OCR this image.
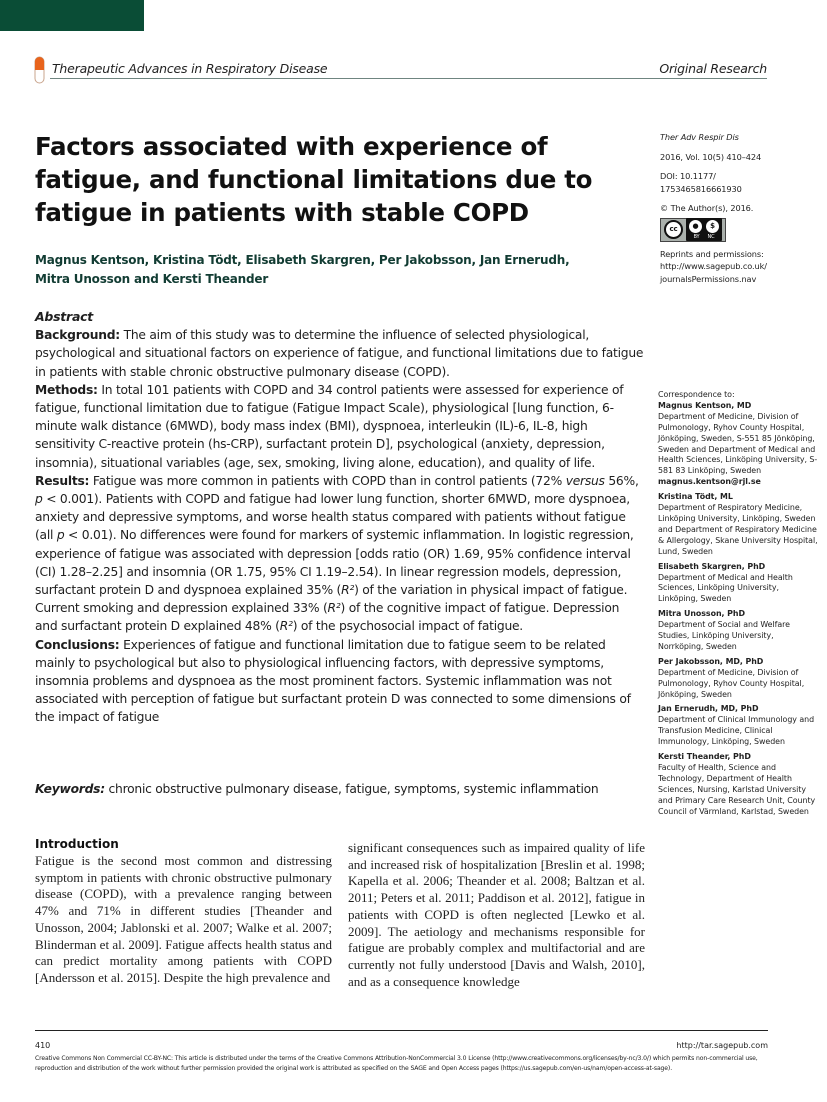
Therapeutic Advances in Respiratory Disease	Original Research
Factors associated with experience of fatigue, and functional limitations due to fatigue in patients with stable COPD
Magnus Kentson, Kristina Tödt, Elisabeth Skargren, Per Jakobsson, Jan Ernerudh, Mitra Unosson and Kersti Theander

Abstract

Background: The aim of this study was to determine the influence of selected physiological, psychological and situational factors on experience of fatigue, and functional limitations due to fatigue in patients with stable chronic obstructive pulmonary disease (COPD).

Methods: In total 101 patients with COPD and 34 control patients were assessed for experience of fatigue, functional limitation due to fatigue (Fatigue Impact Scale), physiological [lung function, 6-minute walk distance (6MWD), body mass index (BMI), dyspnoea, interleukin (IL)-6, IL-8, high sensitivity C-reactive protein (hs-CRP), surfactant protein D], psychological (anxiety, depression, insomnia), situational variables (age, sex, smoking, living alone, education), and quality of life.

Results: Fatigue was more common in patients with COPD than in control patients (72% versus 56%, p < 0.001). Patients with COPD and fatigue had lower lung function, shorter 6MWD, more dyspnoea, anxiety and depressive symptoms, and worse health status compared with patients without fatigue (all p < 0.01). No differences were found for markers of systemic inflammation. In logistic regression, experience of fatigue was associated with depression [odds ratio (OR) 1.69, 95% confidence interval (CI) 1.28–2.25] and insomnia (OR 1.75, 95% CI 1.19–2.54). In linear regression models, depression, surfactant protein D and dyspnoea explained 35% (R²) of the variation in physical impact of fatigue. Current smoking and depression explained 33% (R²) of the cognitive impact of fatigue. Depression and surfactant protein D explained 48% (R²) of the psychosocial impact of fatigue.

Conclusions: Experiences of fatigue and functional limitation due to fatigue seem to be related mainly to psychological but also to physiological influencing factors, with depressive symptoms, insomnia problems and dyspnoea as the most prominent factors. Systemic inflammation was not associated with perception of fatigue but surfactant protein D was connected to some dimensions of the impact of fatigue

Keywords: chronic obstructive pulmonary disease, fatigue, symptoms, systemic inflammation
Ther Adv Respir Dis
2016, Vol. 10(5) 410–424
DOI: 10.1177/
1753465816661930
© The Author(s), 2016.
cc	●	$
BY NC
Reprints and permissions:
http://www.sagepub.co.uk/
journalsPermissions.nav
Correspondence to:
Magnus Kentson, MD
Department of Medicine, Division of Pulmonology, Ryhov County Hospital, Jönköping, Sweden, S-551 85 Jönköping, Sweden and Department of Medical and Health Sciences, Linköping University, S-581 83 Linköping, Sweden
magnus.kentson@rjl.se
Kristina Tödt, ML
Department of Respiratory Medicine, Linköping University, Linköping, Sweden and Department of Respiratory Medicine & Allergology, Skane University Hospital, Lund, Sweden
Elisabeth Skargren, PhD
Department of Medical and Health Sciences, Linköping University, Linköping, Sweden
Mitra Unosson, PhD
Department of Social and Welfare Studies, Linköping University, Norrköping, Sweden
Per Jakobsson, MD, PhD
Department of Medicine, Division of Pulmonology, Ryhov County Hospital, Jönköping, Sweden
Jan Ernerudh, MD, PhD
Department of Clinical Immunology and Transfusion Medicine, Clinical Immunology, Linköping, Sweden
Kersti Theander, PhD
Faculty of Health, Science and Technology, Department of Health Sciences, Nursing, Karlstad University and Primary Care Research Unit, County Council of Värmland, Karlstad, Sweden
Introduction
Fatigue is the second most common and distressing symptom in patients with chronic obstructive pulmonary disease (COPD), with a prevalence ranging between 47% and 71% in different studies [Theander and Unosson, 2004; Jablonski et al. 2007; Walke et al. 2007; Blinderman et al. 2009]. Fatigue affects health status and can predict mortality among patients with COPD [Andersson et al. 2015]. Despite the high prevalence and
significant consequences such as impaired quality of life and increased risk of hospitalization [Breslin et al. 1998; Kapella et al. 2006; Theander et al. 2008; Baltzan et al. 2011; Peters et al. 2011; Paddison et al. 2012], fatigue in patients with COPD is often neglected [Lewko et al. 2009]. The aetiology and mechanisms responsible for fatigue are probably complex and multifactorial and are currently not fully understood [Davis and Walsh, 2010], and as a consequence knowledge
410	http://tar.sagepub.com
Creative Commons Non Commercial CC-BY-NC: This article is distributed under the terms of the Creative Commons Attribution-NonCommercial 3.0 License (http://www.creativecommons.org/licenses/by-nc/3.0/) which permits non-commercial use, reproduction and distribution of the work without further permission provided the original work is attributed as specified on the SAGE and Open Access pages (https://us.sagepub.com/en-us/nam/open-access-at-sage).
